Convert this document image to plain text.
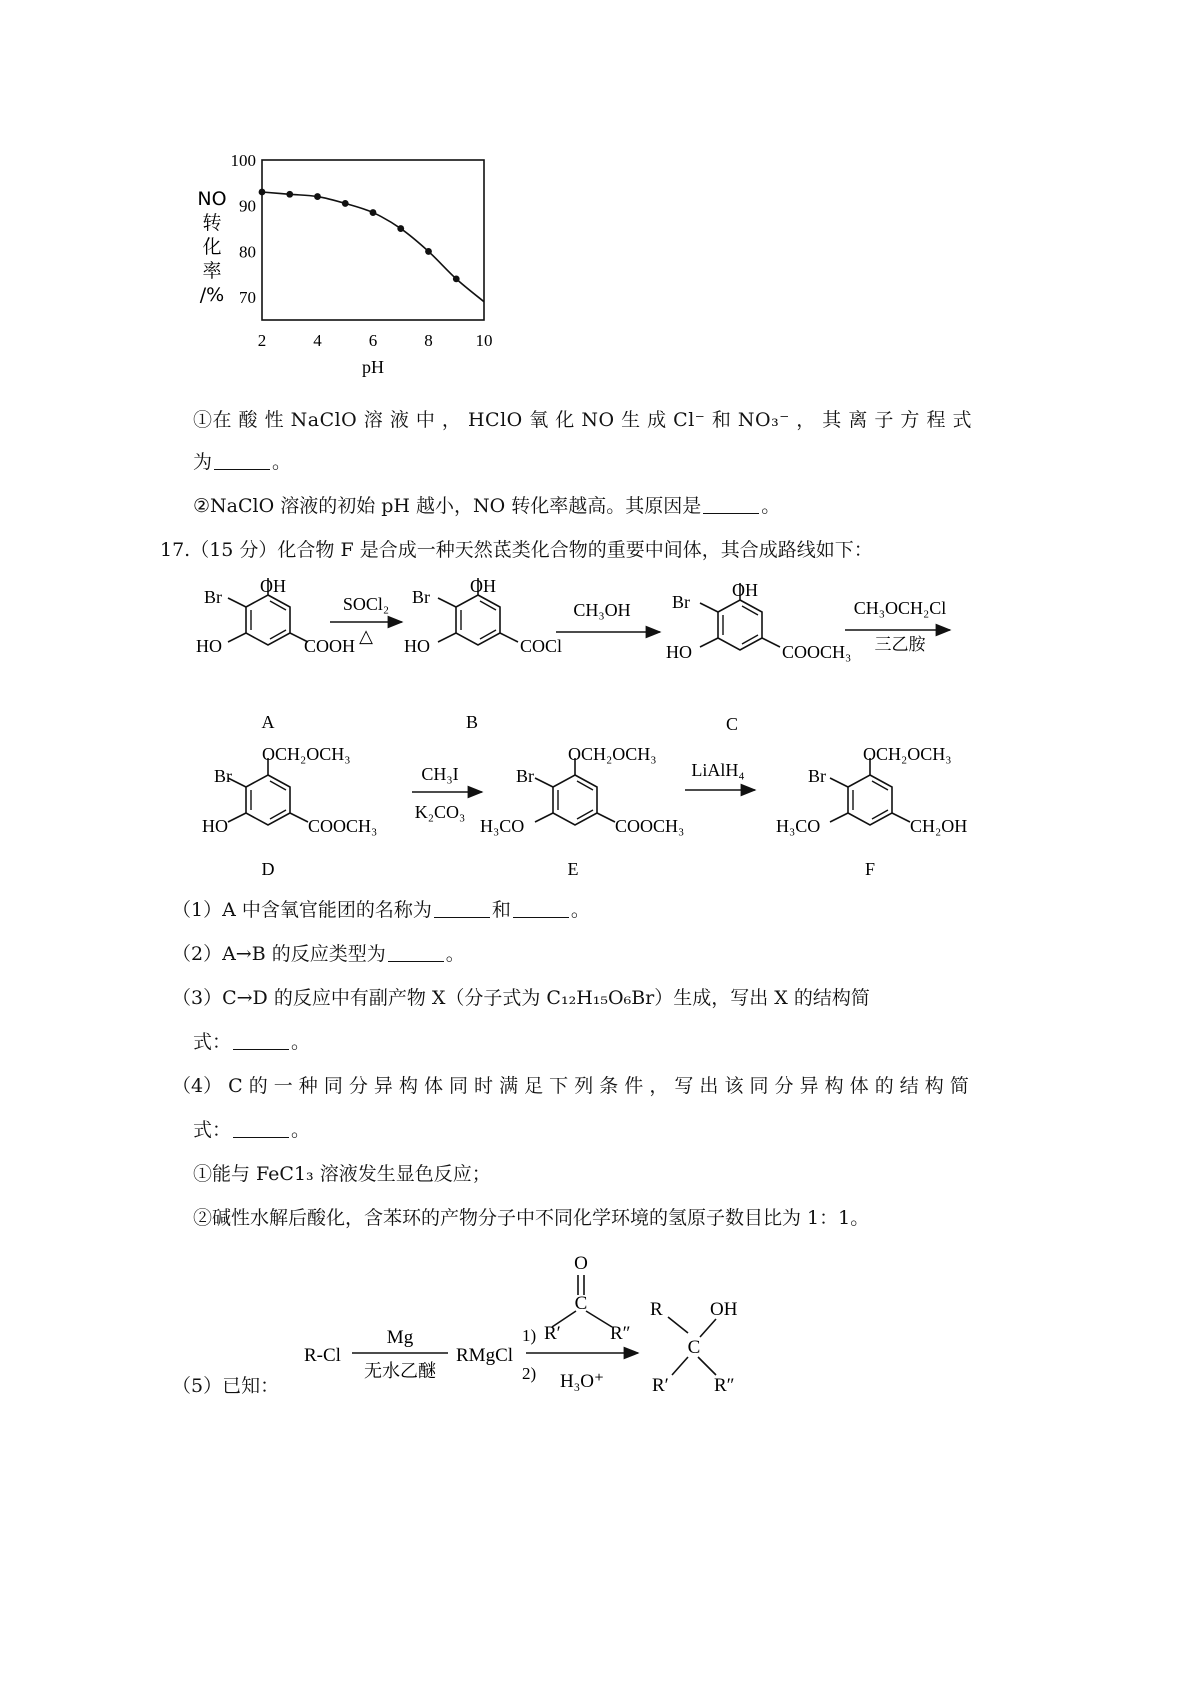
100
90
80
70
2	4	6	8	10
NO 转化率/%
pH
①在 酸 性 NaClO 溶 液 中 ， HClO 氧 化 NO 生 成 Cl⁻ 和 NO₃⁻ ， 其 离 子 方 程 式
为	。
②NaClO 溶液的初始 pH 越小，NO 转化率越高。其原因是	。
17.（15 分）化合物 F 是合成一种天然茋类化合物的重要中间体，其合成路线如下：
OH
Br
HO	COOH
A
SOCl₂
△
OH
Br
HO	COCl
B
CH₃OH
OH
Br
HO	COOCH₃
C
CH₃OCH₂Cl
三乙胺
OCH₂OCH₃
Br
HO	COOCH₃
D
CH₃I
K₂CO₃
OCH₂OCH₃
Br
H₃CO	COOCH₃
E
LiAlH₄
OCH₂OCH₃
Br
H₃CO	CH₂OH
F
（1）A 中含氧官能团的名称为	和	。
（2）A→B 的反应类型为	。
（3）C→D 的反应中有副产物 X（分子式为 C₁₂H₁₅O₆Br）生成，写出 X 的结构简
式：	。
（4） C 的 一 种 同 分 异 构 体 同 时 满 足 下 列 条 件 ， 写 出 该 同 分 异 构 体 的 结 构 简
式：	。
①能与 FeC1₃ 溶液发生显色反应；
②碱性水解后酸化，含苯环的产物分子中不同化学环境的氢原子数目比为 1：1。
R-Cl
Mg
无水乙醚
RMgCl
1)
2) H₃O⁺
O
C
R′	R″
R OH
C
R′ R″
（5）已知：
